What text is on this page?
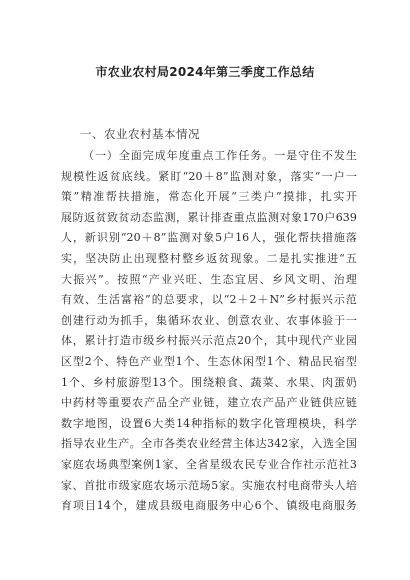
市农业农村局2024年第三季度工作总结
一、农业农村基本情况
（一）全面完成年度重点工作任务。一是守住不发生
规模性返贫底线。紧盯“20＋8”监测对象，落实“一户一
策”精准帮扶措施，常态化开展“三类户”摸排，扎实开
展防返贫致贫动态监测，累计排查重点监测对象170户639
人，新识别“20＋8”监测对象5户16人，强化帮扶措施落
实，坚决防止出现整村整乡返贫现象。二是扎实推进“五
大振兴”。按照“产业兴旺、生态宜居、乡风文明、治理
有效、生活富裕”的总要求，以“2＋2＋N”乡村振兴示范
创建行动为抓手，集循环农业、创意农业、农事体验于一
体，累计打造市级乡村振兴示范点20个，其中现代产业园
区型2个、特色产业型1个、生态休闲型1个、精品民宿型
1个、乡村旅游型13个。围绕粮食、蔬菜、水果、肉蛋奶
中药材等重要农产品全产业链，建立农产品产业链供应链
数字地图，设置6大类14种指标的数字化管理模块，科学
指导农业生产。全市各类农业经营主体达342家，入选全国
家庭农场典型案例1家、全省星级农民专业合作社示范社3
家、首批市级家庭农场示范场5家。实施农村电商带头人培
育项目14个，建成县级电商服务中心6个、镇级电商服务
